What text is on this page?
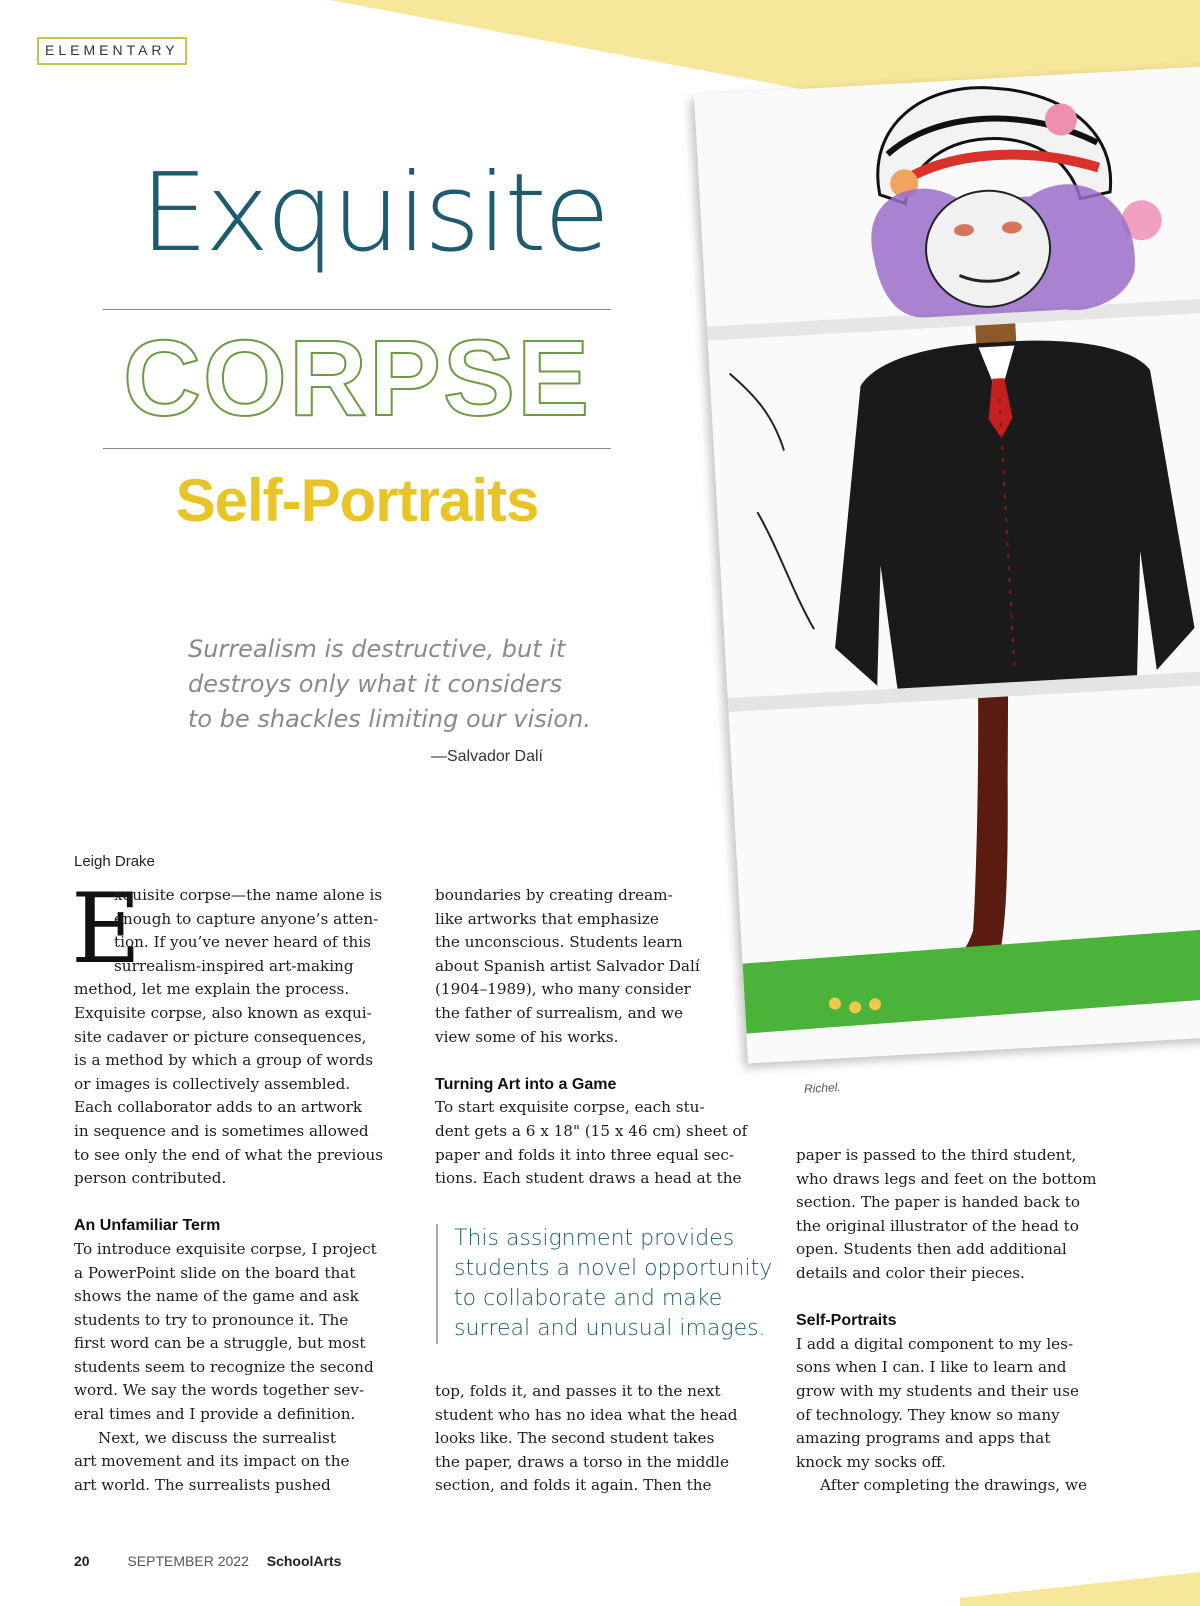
ELEMENTARY
Exquisite
CORPSE
Self-Portraits
Surrealism is destructive, but it
destroys only what it considers
to be shackles limiting our vision.
—Salvador Dalí
Richel.
Leigh Drake
E
xquisite corpse—the name alone is
enough to capture anyone’s atten-
tion. If you’ve never heard of this
surrealism-inspired art-making
method, let me explain the process.
Exquisite corpse, also known as exqui-
site cadaver or picture consequences,
is a method by which a group of words
or images is collectively assembled.
Each collaborator adds to an artwork
in sequence and is sometimes allowed
to see only the end of what the previous
person contributed.
An Unfamiliar Term
To introduce exquisite corpse, I project
a PowerPoint slide on the board that
shows the name of the game and ask
students to try to pronounce it. The
first word can be a struggle, but most
students seem to recognize the second
word. We say the words together sev-
eral times and I provide a definition.
Next, we discuss the surrealist
art movement and its impact on the
art world. The surrealists pushed
boundaries by creating dream-
like artworks that emphasize
the unconscious. Students learn
about Spanish artist Salvador Dalí
(1904–1989), who many consider
the father of surrealism, and we
view some of his works.
Turning Art into a Game
To start exquisite corpse, each stu-
dent gets a 6 x 18" (15 x 46 cm) sheet of
paper and folds it into three equal sec-
tions. Each student draws a head at the
This assignment provides
students a novel opportunity
to collaborate and make
surreal and unusual images.
top, folds it, and passes it to the next
student who has no idea what the head
looks like. The second student takes
the paper, draws a torso in the middle
section, and folds it again. Then the
paper is passed to the third student,
who draws legs and feet on the bottom
section. The paper is handed back to
the original illustrator of the head to
open. Students then add additional
details and color their pieces.
Self-Portraits
I add a digital component to my les-
sons when I can. I like to learn and
grow with my students and their use
of technology. They know so many
amazing programs and apps that
knock my socks off.
After completing the drawings, we
20	SEPTEMBER 2022 SchoolArts
